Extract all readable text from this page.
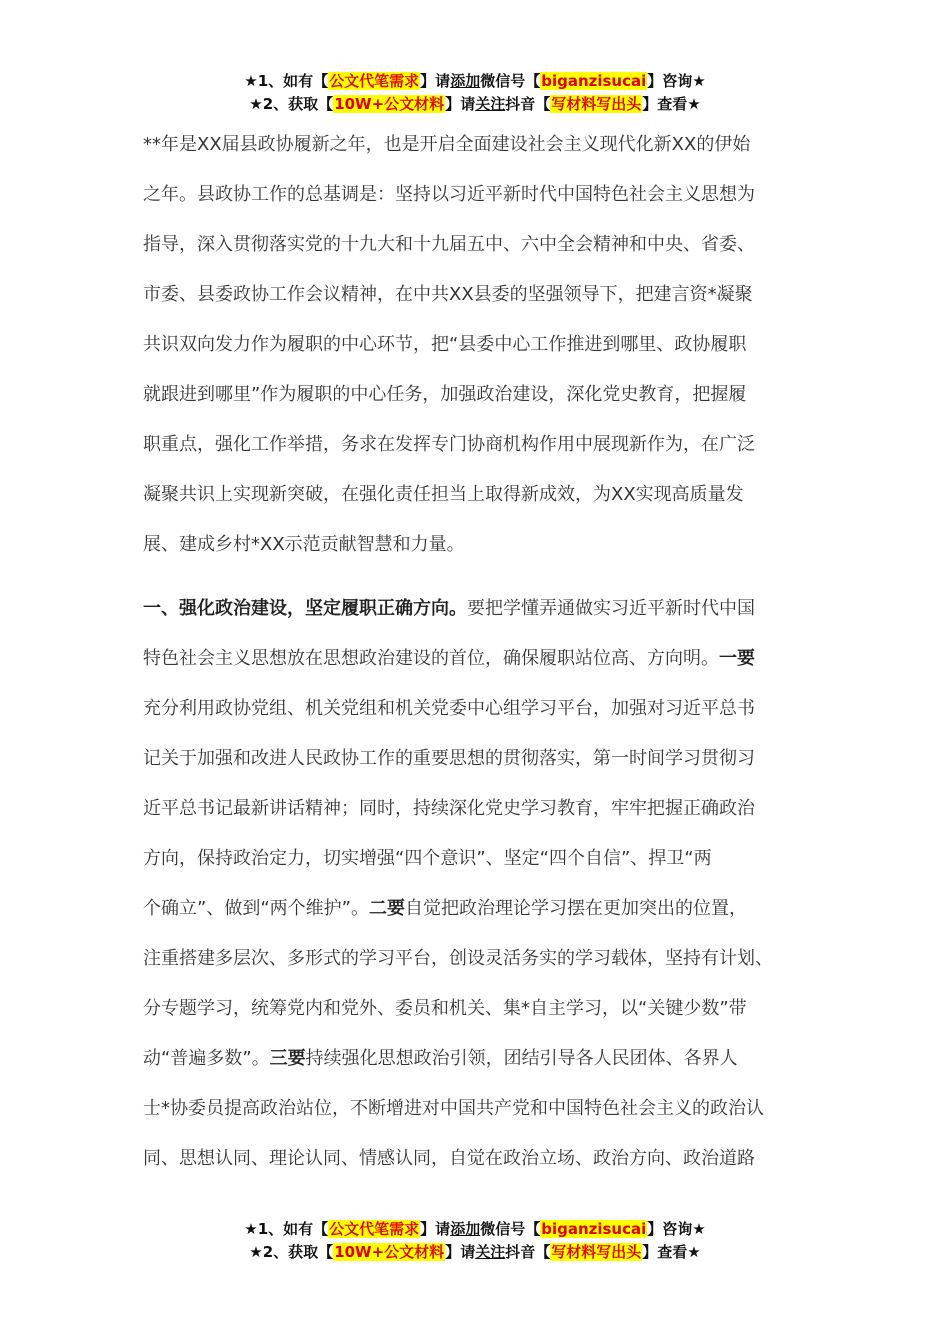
★1、如有【公文代笔需求】请添加微信号【biganzisucai】咨询★
★2、获取【10W+公文材料】请关注抖音【写材料写出头】查看★
**年是XX届县政协履新之年，也是开启全面建设社会主义现代化新XX的伊始
之年。县政协工作的总基调是：坚持以习近平新时代中国特色社会主义思想为
指导，深入贯彻落实党的十九大和十九届五中、六中全会精神和中央、省委、
市委、县委政协工作会议精神，在中共XX县委的坚强领导下，把建言资*凝聚
共识双向发力作为履职的中心环节，把“县委中心工作推进到哪里、政协履职
就跟进到哪里”作为履职的中心任务，加强政治建设，深化党史教育，把握履
职重点，强化工作举措，务求在发挥专门协商机构作用中展现新作为，在广泛
凝聚共识上实现新突破，在强化责任担当上取得新成效，为XX实现高质量发
展、建成乡村*XX示范贡献智慧和力量。
一、强化政治建设，坚定履职正确方向。要把学懂弄通做实习近平新时代中国
特色社会主义思想放在思想政治建设的首位，确保履职站位高、方向明。一要
充分利用政协党组、机关党组和机关党委中心组学习平台，加强对习近平总书
记关于加强和改进人民政协工作的重要思想的贯彻落实，第一时间学习贯彻习
近平总书记最新讲话精神；同时，持续深化党史学习教育，牢牢把握正确政治
方向，保持政治定力，切实增强“四个意识”、坚定“四个自信”、捍卫“两
个确立”、做到“两个维护”。二要自觉把政治理论学习摆在更加突出的位置，
注重搭建多层次、多形式的学习平台，创设灵活务实的学习载体，坚持有计划、
分专题学习，统筹党内和党外、委员和机关、集*自主学习，以“关键少数”带
动“普遍多数”。三要持续强化思想政治引领，团结引导各人民团体、各界人
士*协委员提高政治站位，不断增进对中国共产党和中国特色社会主义的政治认
同、思想认同、理论认同、情感认同，自觉在政治立场、政治方向、政治道路
★1、如有【公文代笔需求】请添加微信号【biganzisucai】咨询★
★2、获取【10W+公文材料】请关注抖音【写材料写出头】查看★
